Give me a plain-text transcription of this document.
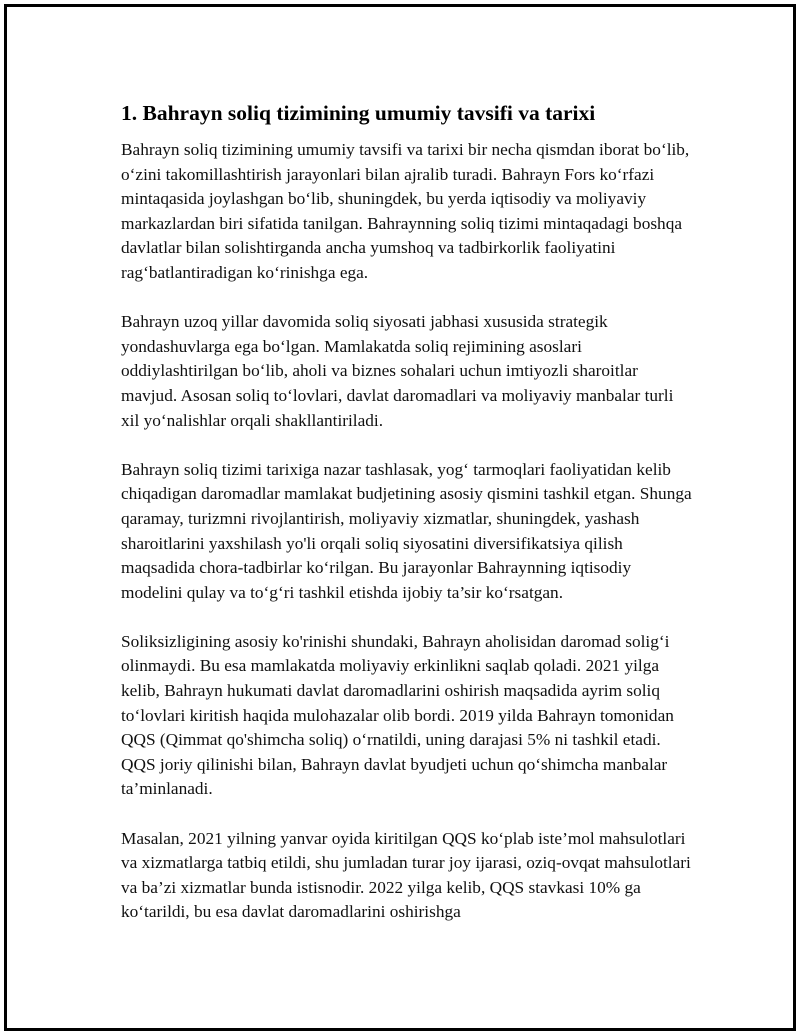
1. Bahrayn soliq tizimining umumiy tavsifi va tarixi

Bahrayn soliq tizimining umumiy tavsifi va tarixi bir necha qismdan iborat bo‘lib, o‘zini takomillashtirish jarayonlari bilan ajralib turadi. Bahrayn Fors ko‘rfazi mintaqasida joylashgan bo‘lib, shuningdek, bu yerda iqtisodiy va moliyaviy markazlardan biri sifatida tanilgan. Bahraynning soliq tizimi mintaqadagi boshqa davlatlar bilan solishtirganda ancha yumshoq va tadbirkorlik faoliyatini rag‘batlantiradigan ko‘rinishga ega.

Bahrayn uzoq yillar davomida soliq siyosati jabhasi xususida strategik yondashuvlarga ega bo‘lgan. Mamlakatda soliq rejimining asoslari oddiylashtirilgan bo‘lib, aholi va biznes sohalari uchun imtiyozli sharoitlar mavjud. Asosan soliq to‘lovlari, davlat daromadlari va moliyaviy manbalar turli xil yo‘nalishlar orqali shakllantiriladi.

Bahrayn soliq tizimi tarixiga nazar tashlasak, yog‘ tarmoqlari faoliyatidan kelib chiqadigan daromadlar mamlakat budjetining asosiy qismini tashkil etgan. Shunga qaramay, turizmni rivojlantirish, moliyaviy xizmatlar, shuningdek, yashash sharoitlarini yaxshilash yo'li orqali soliq siyosatini diversifikatsiya qilish maqsadida chora-tadbirlar ko‘rilgan. Bu jarayonlar Bahraynning iqtisodiy modelini qulay va to‘g‘ri tashkil etishda ijobiy ta’sir ko‘rsatgan.

Soliksizligining asosiy ko'rinishi shundaki, Bahrayn aholisidan daromad solig‘i olinmaydi. Bu esa mamlakatda moliyaviy erkinlikni saqlab qoladi. 2021 yilga kelib, Bahrayn hukumati davlat daromadlarini oshirish maqsadida ayrim soliq to‘lovlari kiritish haqida mulohazalar olib bordi. 2019 yilda Bahrayn tomonidan QQS (Qimmat qo'shimcha soliq) o‘rnatildi, uning darajasi 5% ni tashkil etadi. QQS joriy qilinishi bilan, Bahrayn davlat byudjeti uchun qo‘shimcha manbalar ta’minlanadi.

Masalan, 2021 yilning yanvar oyida kiritilgan QQS ko‘plab iste’mol mahsulotlari va xizmatlarga tatbiq etildi, shu jumladan turar joy ijarasi, oziq-ovqat mahsulotlari va ba’zi xizmatlar bunda istisnodir. 2022 yilga kelib, QQS stavkasi 10% ga ko‘tarildi, bu esa davlat daromadlarini oshirishga
